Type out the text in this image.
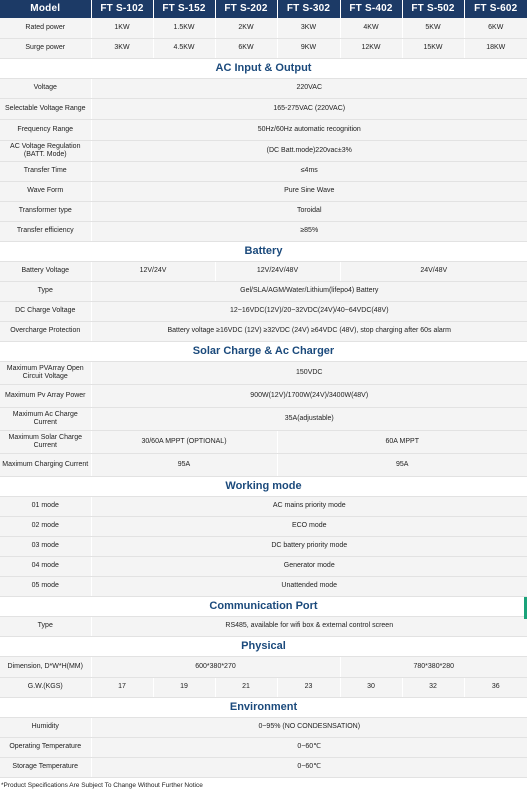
Model	FT S-102	FT S-152	FT S-202	FT S-302	FT S-402	FT S-502	FT S-602
Rated power	1KW	1.5KW	2KW	3KW	4KW	5KW	6KW
Surge power	3KW	4.5KW	6KW	9KW	12KW	15KW	18KW
AC Input & Output							
Voltage	220VAC						
Selectable Voltage Range	165-275VAC (220VAC)						
Frequency Range	50Hz/60Hz automatic recognition						
AC Voltage Regulation (BATT. Mode)	(DC Batt.mode)220vac±3%						
Transfer Time	≤4ms						
Wave Form	Pure Sine Wave						
Transformer type	Toroidal						
Transfer efficiency	≥85%						
Battery							
Battery Voltage	12V/24V		12V/24V/48V		24V/48V		
Type	Gel/SLA/AGM/Water/Lithium(lifepo4) Battery						
DC Charge Voltage	12~16VDC(12V)/20~32VDC(24V)/40~64VDC(48V)						
Overcharge Protection	Battery voltage ≥16VDC (12V) ≥32VDC (24V) ≥64VDC (48V), stop charging after 60s alarm						
Solar Charge & Ac Charger							
Maximum PVArray Open Circuit Voltage	150VDC						
Maximum Pv Array Power	900W(12V)/1700W(24V)/3400W(48V)						
Maximum Ac Charge Current	35A(adjustable)						
Maximum Solar Charge Current	30/60A MPPT (OPTIONAL)			60A MPPT			
Maximum Charging Current	95A			95A			
Working mode							
01 mode	AC mains priority mode						
02 mode	ECO mode						
03 mode	DC battery priority mode						
04 mode	Generator mode						
05 mode	Unattended mode						
Communication Port							
Type	RS485, available for wifi box & external control screen						
Physical							
Dimension, D*W*H(MM)	600*380*270				780*380*280		
G.W.(KGS)	17	19	21	23	30	32	36
Environment							
Humidity	0~95% (NO CONDESNSATION)						
Operating Temperature	0~60℃						
Storage Temperature	0~60℃						
*Product Specifications Are Subject To Change Without Further Notice							
